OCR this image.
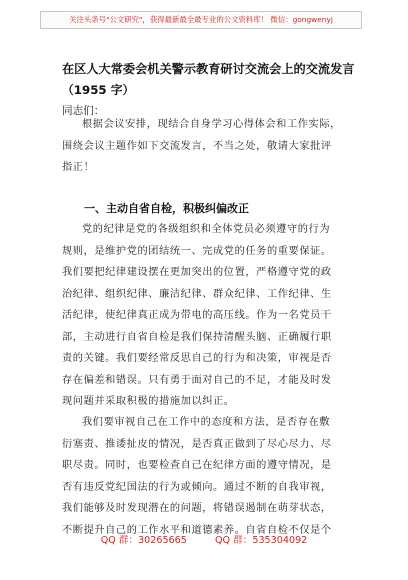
关注头条号"公文研究"，获得最新最全最专业的公文资料库！ 微信：gongwenyj
在区人大常委会机关警示教育研讨交流会上的交流发言
（1955 字）
同志们：
根据会议安排，现结合自身学习心得体会和工作实际，
围绕会议主题作如下交流发言，不当之处，敬请大家批评
指正！
一、主动自省自检，积极纠偏改正
党的纪律是党的各级组织和全体党员必须遵守的行为
规则，是维护党的团结统一、完成党的任务的重要保证。
我们要把纪律建设摆在更加突出的位置，严格遵守党的政
治纪律、组织纪律、廉洁纪律、群众纪律、工作纪律、生
活纪律，使纪律真正成为带电的高压线。作为一名党员干
部，主动进行自省自检是我们保持清醒头脑、正确履行职
责的关键。我们要经常反思自己的行为和决策，审视是否
存在偏差和错误。只有勇于面对自己的不足，才能及时发
现问题并采取积极的措施加以纠正。
我们要审视自己在工作中的态度和方法，是否存在敷
衍塞责、推诿扯皮的情况，是否真正做到了尽心尽力、尽
职尽责。同时，也要检查自己在纪律方面的遵守情况，是
否有违反党纪国法的行为或倾向。通过不断的自我审视，
我们能够及时发现潜在的问题，将错误遏制在萌芽状态，
不断提升自己的工作水平和道德素养。自省自检不仅是个
QQ 群：30265665	QQ 群：535304092
